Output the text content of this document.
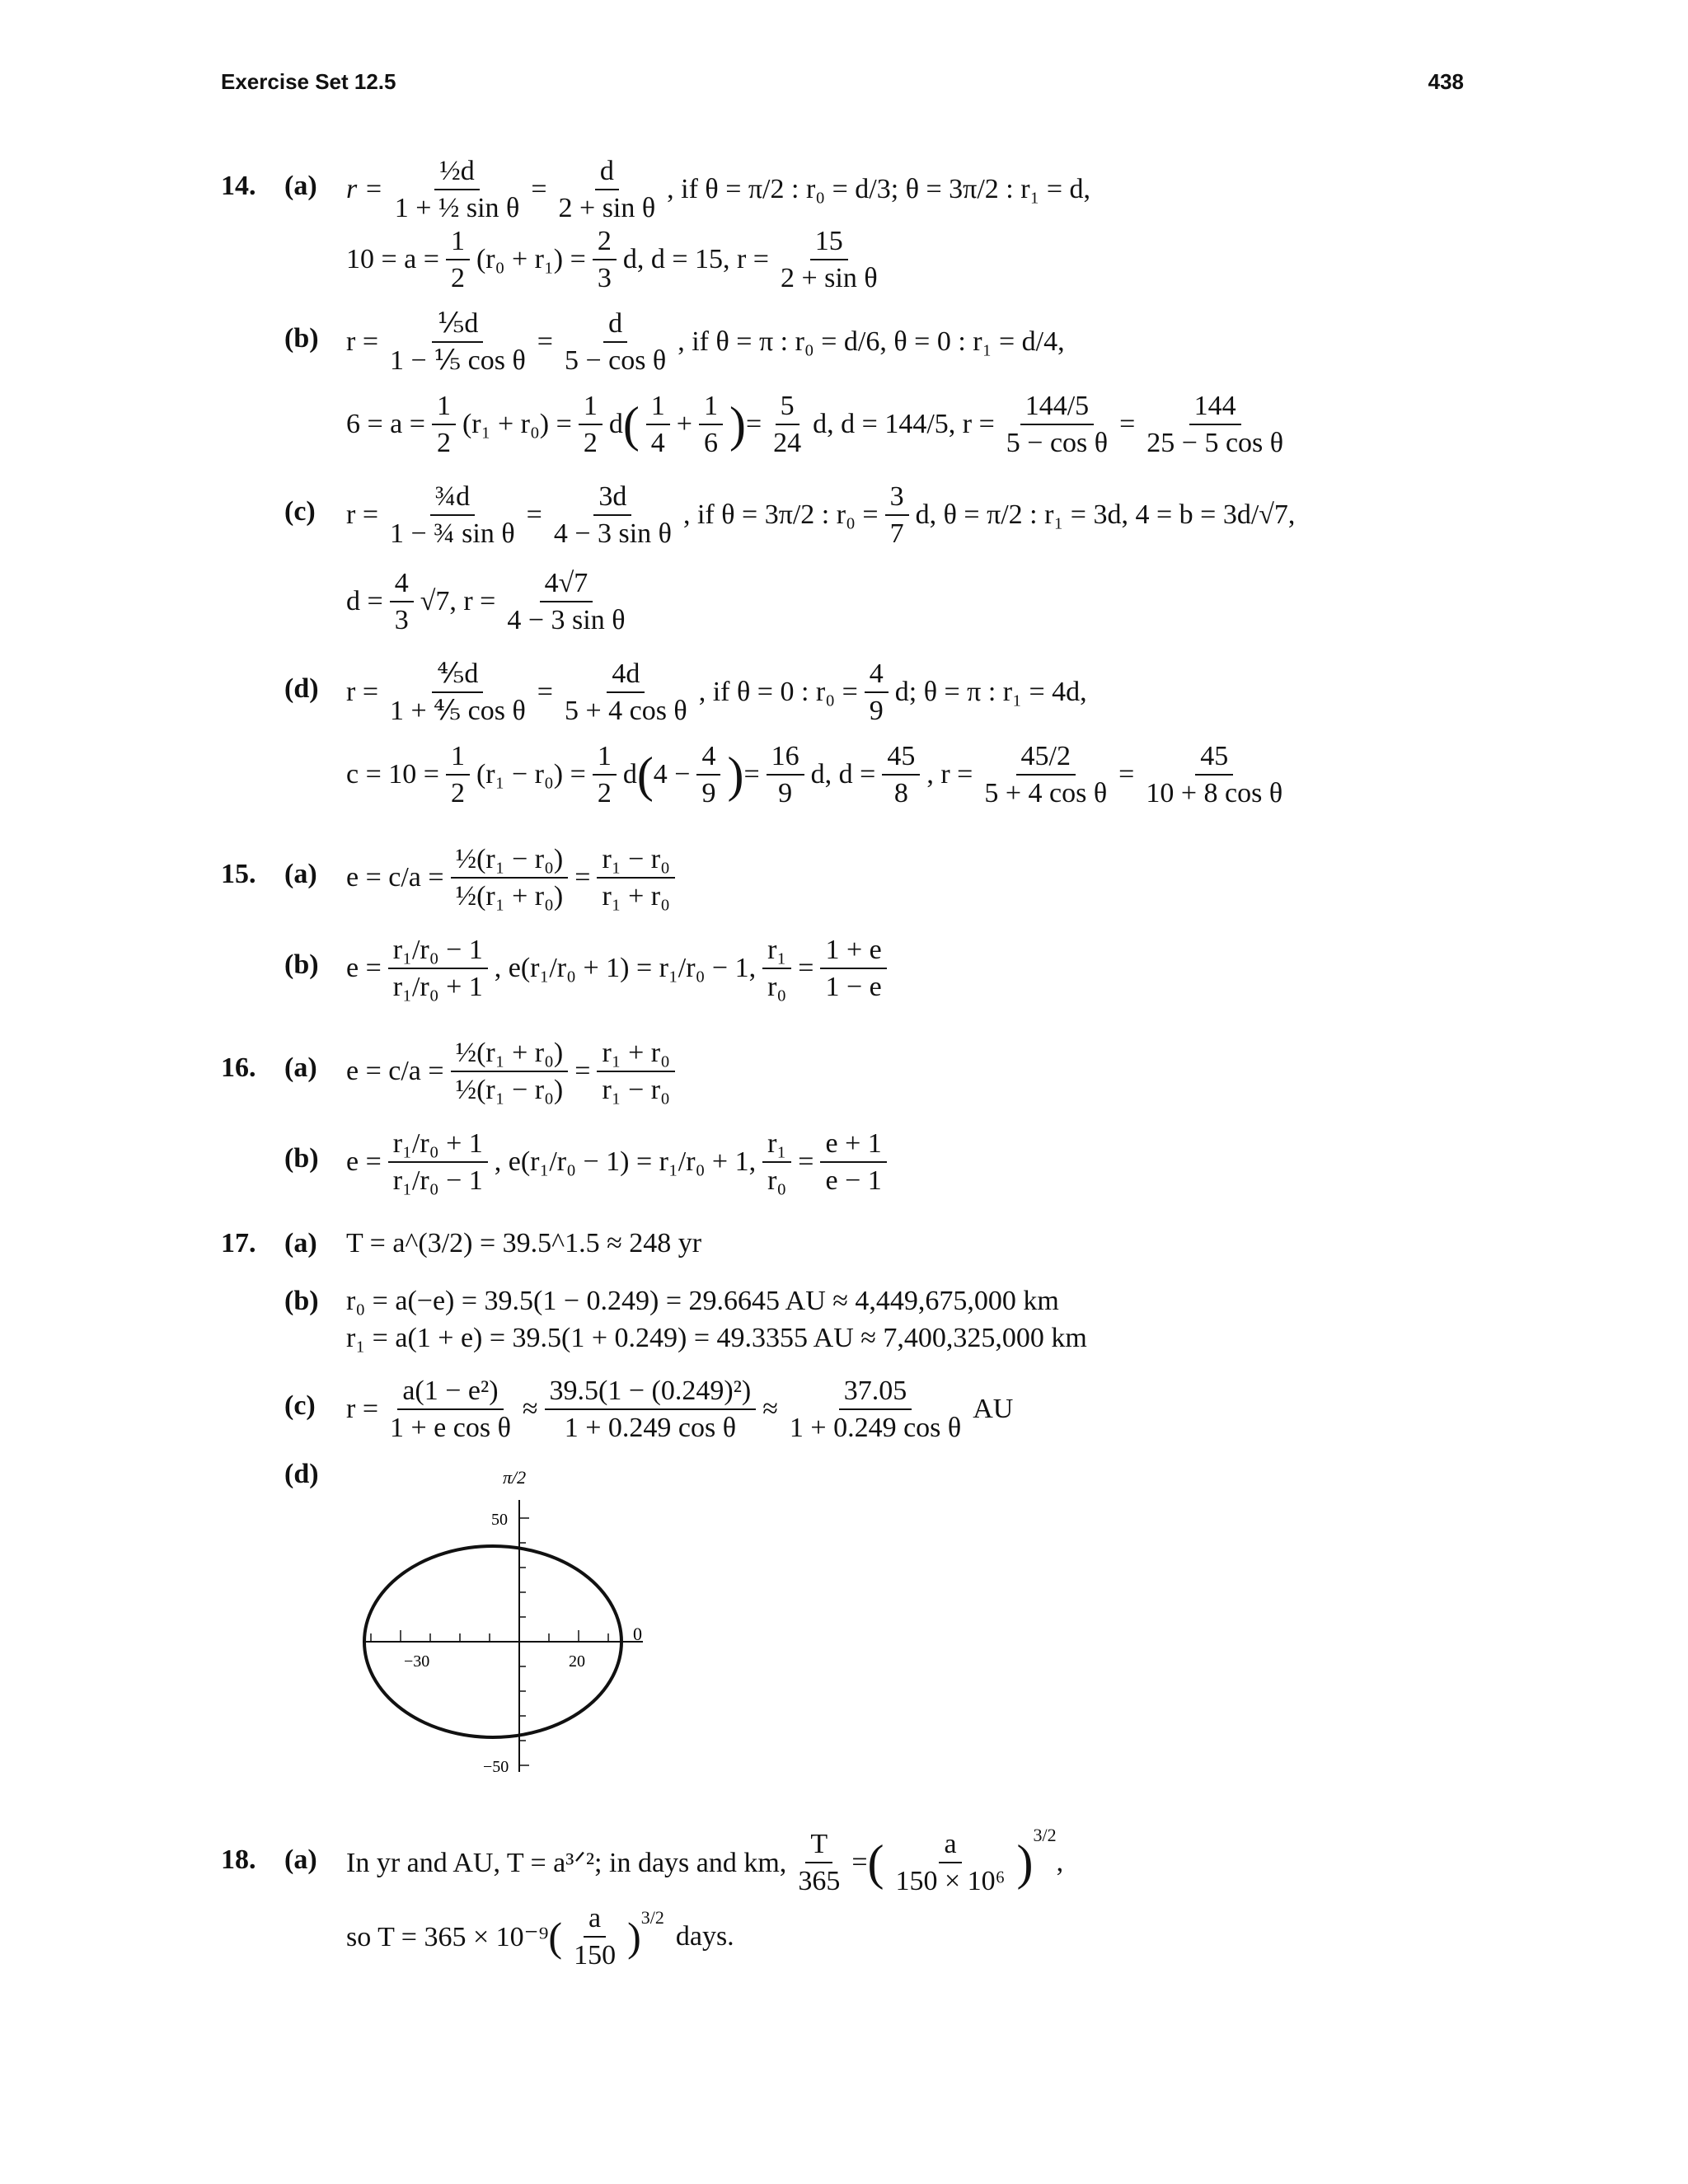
Exercise Set 12.5	438
14. (a) $r = \frac{\text{½d}}{\text{1 + ½ sin θ}} = \frac{d}{\text{2 + sin θ}}$ , if θ = π/2 : r₀ = d/3; θ = 3π/2 : r₁ = d,
$10 = a = \frac{1}{2} (r_0 + r_1) = \frac{2}{3} d$, d = 15, $r = \frac{15}{\text{2 + sin θ}}$
(b) $r = \frac{\text{⅕d}}{\text{1 − ⅕ cos θ}} = \frac{d}{\text{5 − cos θ}}$ , if θ = π : r₀ = d/6, θ = 0 : r₁ = d/4,
$6 = a = \frac{1}{2} (r_1 + r_0) = \frac{1}{2}$ d ( $\frac{1}{4} + \frac{1}{6}$ ) = $\frac{5}{24} d$, d = 144/5, $r = \frac{144/5}{\text{5 − cos θ}} = \frac{144}{\text{25 − 5 cos θ}}$
(c) $r = \frac{\text{¾d}}{\text{1 − ¾ sin θ}} = \frac{3d}{\text{4 − 3 sin θ}}$ , if θ = 3π/2 : $r_0 = \frac{3}{7} d$, θ = π/2 : r₁ = 3d, 4 = b = 3d/√7,
$d = \frac{4}{3} √7$, $r = \frac{4√7}{\text{4 − 3 sin θ}}$
(d) $r = \frac{\text{⅘d}}{\text{1 + ⅘ cos θ}} = \frac{4d}{\text{5 + 4 cos θ}}$ , if θ = 0 : $r_0 = \frac{4}{9} d$; θ = π : r₁ = 4d,
$c = 10 = \frac{1}{2} (r_1 - r_0) = \frac{1}{2}$ d ( $4 - \frac{4}{9}$ ) = $\frac{16}{9} d$, $d = \frac{45}{8}$ , $r = \frac{45/2}{\text{5 + 4 cos θ}} = \frac{45}{\text{10 + 8 cos θ}}$
15. (a) $e = c/a = \frac{\text{½(r₁ − r₀)}}{\text{½(r₁ + r₀)}} = \frac{\text{r₁ − r₀}}{\text{r₁ + r₀}}$
(b) $e = \frac{\text{r₁/r₀ − 1}}{\text{r₁/r₀ + 1}}$ , e(r₁/r₀ + 1) = r₁/r₀ − 1, $\frac{\text{r₁}}{\text{r₀}} = \frac{1 + e}{1 - e}$
16. (a) $e = c/a = \frac{\text{½(r₁ + r₀)}}{\text{½(r₁ − r₀)}} = \frac{\text{r₁ + r₀}}{\text{r₁ − r₀}}$
(b) $e = \frac{\text{r₁/r₀ + 1}}{\text{r₁/r₀ − 1}}$ , e(r₁/r₀ − 1) = r₁/r₀ + 1, $\frac{\text{r₁}}{\text{r₀}} = \frac{e + 1}{e - 1}$
17. (a) T = a^(3/2) = 39.5^1.5 ≈ 248 yr
(b) r₀ = a(−e) = 39.5(1 − 0.249) = 29.6645 AU ≈ 4,449,675,000 km
r₁ = a(1 + e) = 39.5(1 + 0.249) = 49.3355 AU ≈ 7,400,325,000 km
(c) $r = \frac{\text{a(1 − e²)}}{\text{1 + e cos θ}} \approx \frac{\text{39.5(1 − (0.249)²)}}{\text{1 + 0.249 cos θ}} \approx \frac{37.05}{\text{1 + 0.249 cos θ}}$ AU
(d)	π/2
50
−50
−30	20
0
18. (a) In yr and AU, T = a³ᐟ²; in days and km, $\frac{T}{365}$ = ( $\frac{a}{\text{150 × 10⁶}}$ )
$^{3/2}$
,
so T = 365 × 10⁻⁹ ( $\frac{a}{150} )^{3/2}$
days.
